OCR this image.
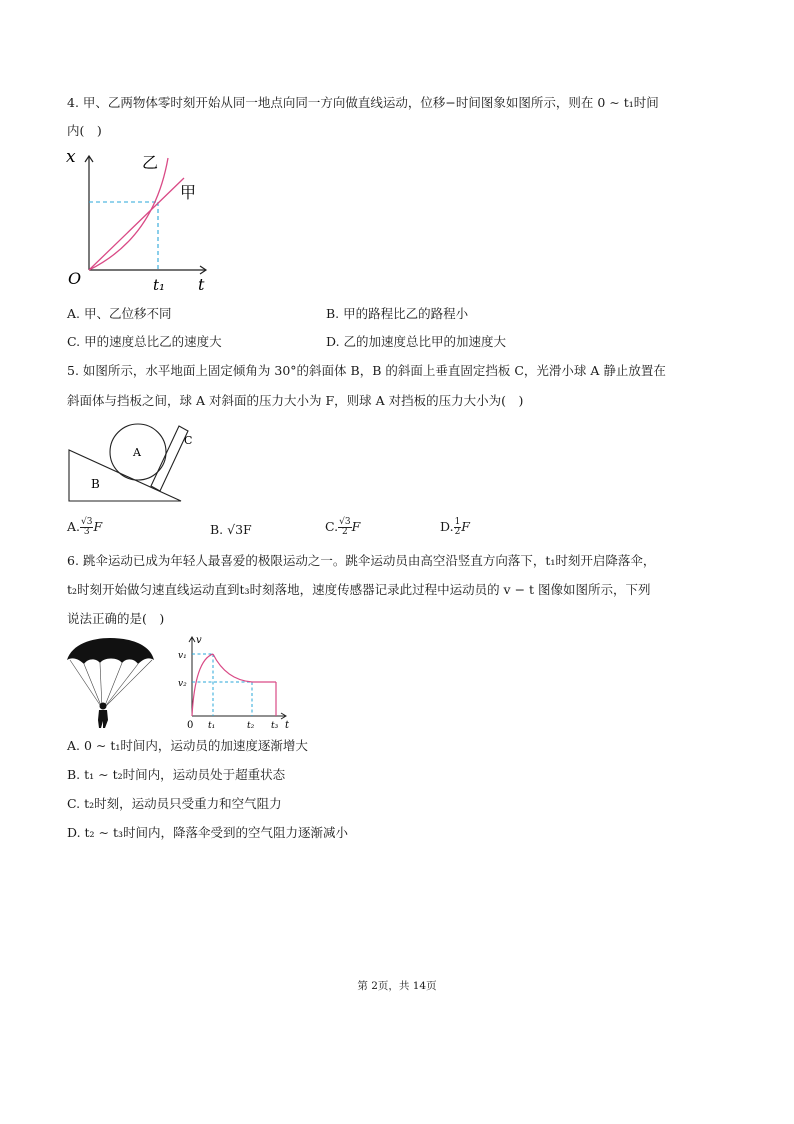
4. 甲、乙两物体零时刻开始从同一地点向同一方向做直线运动，位移−时间图象如图所示，则在 0 ∼ t₁时间
内(　)
x
O	t₁ t
甲
乙
A. 甲、乙位移不同	B. 甲的路程比乙的路程小
C. 甲的速度总比乙的速度大	D. 乙的加速度总比甲的加速度大
5. 如图所示，水平地面上固定倾角为 30°的斜面体 B，B 的斜面上垂直固定挡板 C，光滑小球 A 静止放置在
斜面体与挡板之间，球 A 对斜面的压力大小为 F，则球 A 对挡板的压力大小为(　)
A
B
C
A. $\frac{√3}{3}$ F	B. √3F	C. $\frac{√3}{2}$ F	D. $\frac{1}{2}$ F
6. 跳伞运动已成为年轻人最喜爱的极限运动之一。跳伞运动员由高空沿竖直方向落下，t₁时刻开启降落伞，
t₂时刻开始做匀速直线运动直到t₃时刻落地，速度传感器记录此过程中运动员的 v − t 图像如图所示，下列
说法正确的是(　)
v
v₁
v₂
0 t₁	t₂ t₃ t
A. 0 ∼ t₁时间内，运动员的加速度逐渐增大
B. t₁ ∼ t₂时间内，运动员处于超重状态
C. t₂时刻，运动员只受重力和空气阻力
D. t₂ ∼ t₃时间内，降落伞受到的空气阻力逐渐减小
第 2页，共 14页
